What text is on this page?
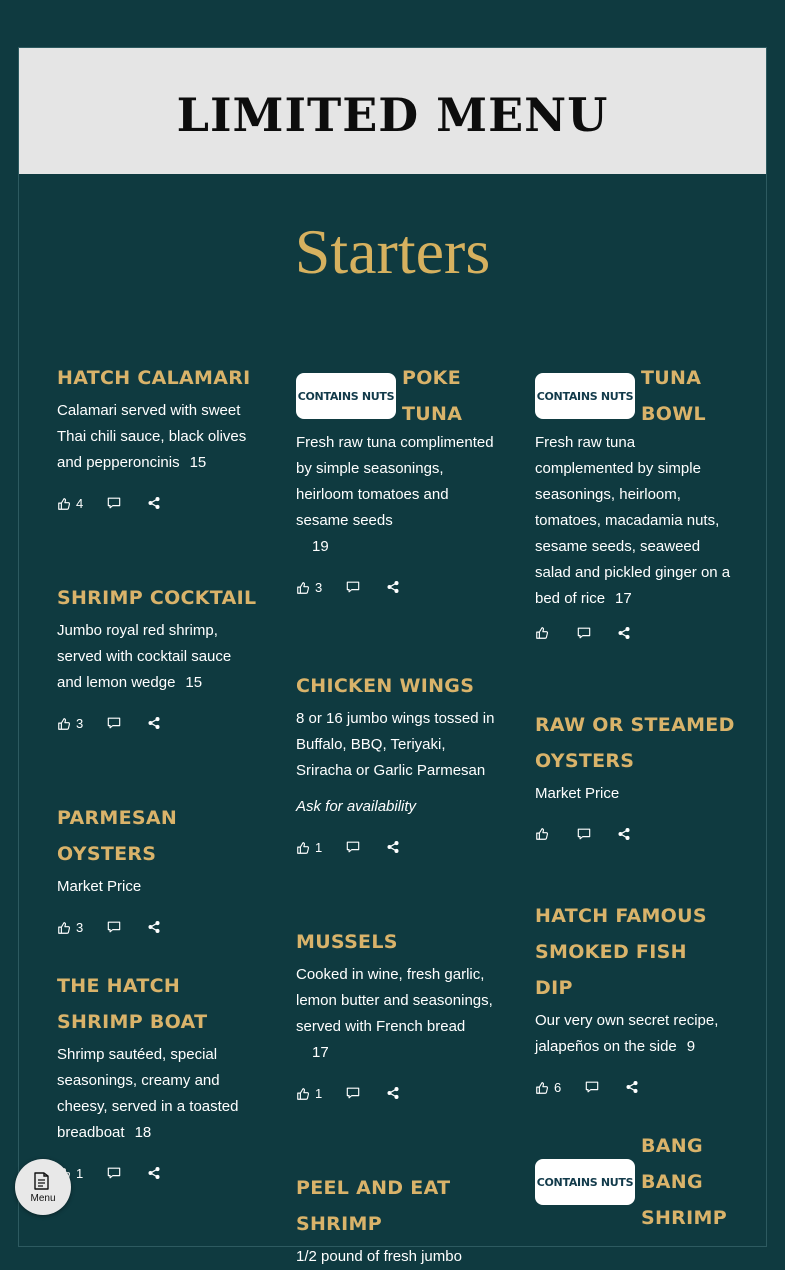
LIMITED MENU
Starters
HATCH CALAMARI
Calamari served with sweet Thai chili sauce, black olives and pepperoncinis 15
4
SHRIMP COCKTAIL
Jumbo royal red shrimp, served with cocktail sauce and lemon wedge 15
3
PARMESAN OYSTERS
Market Price
3
THE HATCH SHRIMP BOAT
Shrimp sautéed, special seasonings, creamy and cheesy, served in a toasted breadboat 18
1
CONTAINS NUTS
POKE TUNA
Fresh raw tuna complimented by simple seasonings, heirloom tomatoes and sesame seeds
19
3
CHICKEN WINGS
8 or 16 jumbo wings tossed in Buffalo, BBQ, Teriyaki, Sriracha or Garlic Parmesan
Ask for availability
1
MUSSELS
Cooked in wine, fresh garlic, lemon butter and seasonings, served with French bread
17
1
PEEL AND EAT SHRIMP
1/2 pound of fresh jumbo
CONTAINS NUTS
TUNA BOWL
Fresh raw tuna complemented by simple seasonings, heirloom, tomatoes, macadamia nuts, sesame seeds, seaweed salad and pickled ginger on a bed of rice 17
RAW OR STEAMED OYSTERS
Market Price
HATCH FAMOUS SMOKED FISH DIP
Our very own secret recipe, jalapeños on the side 9
6
CONTAINS NUTS
BANG BANG SHRIMP
Menu
